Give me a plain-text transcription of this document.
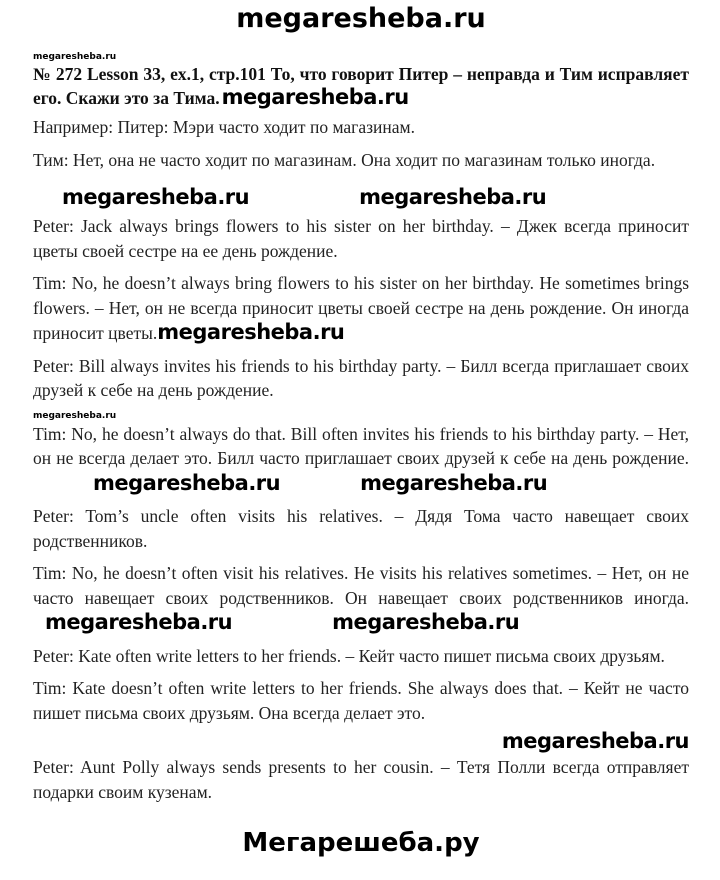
megaresheba.ru
megaresheba.ru

№ 272 Lesson 33, ex.1, стр.101 То, что говорит Питер – неправда и Тим исправляет его. Скажи это за Тима.megaresheba.ru

Например: Питер: Мэри часто ходит по магазинам.

Тим: Нет, она не часто ходит по магазинам. Она ходит по магазинам только иногда.

megaresheba.ru	megaresheba.ru

Peter: Jack always brings flowers to his sister on her birthday. – Джек всегда приносит цветы своей сестре на ее день рождение.

Tim: No, he doesn’t always bring flowers to his sister on her birthday. He sometimes brings flowers. – Нет, он не всегда приносит цветы своей сестре на день рождение. Он иногда приносит цветы.megaresheba.ru

Peter: Bill always invites his friends to his birthday party. – Билл всегда приглашает своих друзей к себе на день рождение.

megaresheba.ru

Tim: No, he doesn’t always do that. Bill often invites his friends to his birthday party. – Нет, он не всегда делает это. Билл часто приглашает своих друзей к себе на день рождение.megaresheba.ru	megaresheba.ru

Peter: Tom’s uncle often visits his relatives. – Дядя Тома часто навещает своих родственников.

Tim: No, he doesn’t often visit his relatives. He visits his relatives sometimes. – Нет, он не часто навещает своих родственников. Он навещает своих родственников иногда.megaresheba.ru	megaresheba.ru

Peter: Kate often write letters to her friends. – Кейт часто пишет письма своих друзьям.

Tim: Kate doesn’t often write letters to her friends. She always does that. – Кейт не часто пишет письма своих друзьям. Она всегда делает это.

megaresheba.ru

Peter: Aunt Polly always sends presents to her cousin. – Тетя Полли всегда отправляет подарки своим кузенам.

Мегарешеба.ру
